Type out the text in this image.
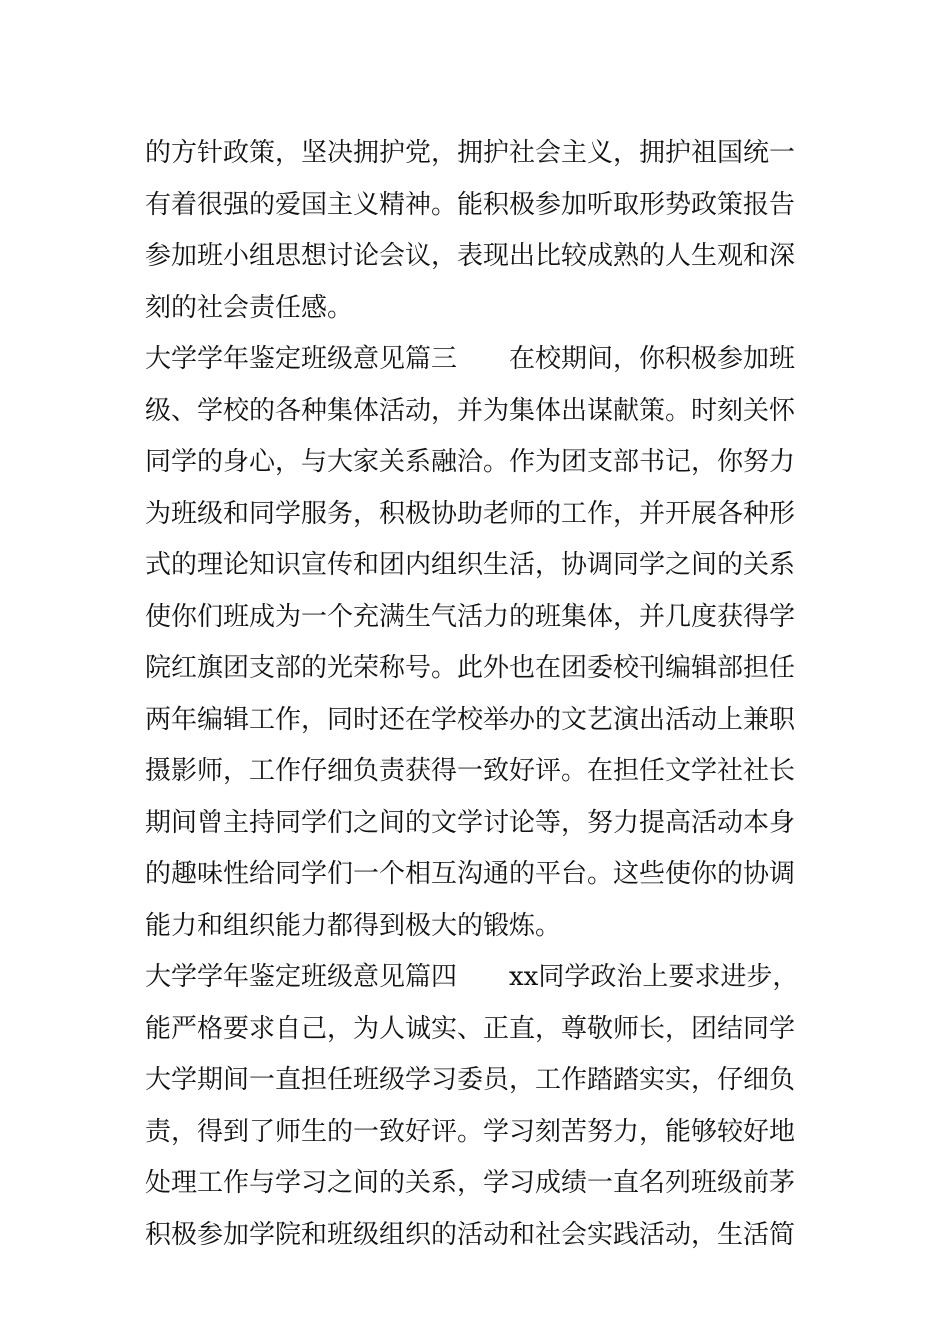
的方针政策，坚决拥护党，拥护社会主义，拥护祖国统一
有着很强的爱国主义精神。能积极参加听取形势政策报告
参加班小组思想讨论会议，表现出比较成熟的人生观和深
刻的社会责任感。
大学学年鉴定班级意见篇三　　在校期间，你积极参加班
级、学校的各种集体活动，并为集体出谋献策。时刻关怀
同学的身心，与大家关系融洽。作为团支部书记，你努力
为班级和同学服务，积极协助老师的工作，并开展各种形
式的理论知识宣传和团内组织生活，协调同学之间的关系
使你们班成为一个充满生气活力的班集体，并几度获得学
院红旗团支部的光荣称号。此外也在团委校刊编辑部担任
两年编辑工作，同时还在学校举办的文艺演出活动上兼职
摄影师，工作仔细负责获得一致好评。在担任文学社社长
期间曾主持同学们之间的文学讨论等，努力提高活动本身
的趣味性给同学们一个相互沟通的平台。这些使你的协调
能力和组织能力都得到极大的锻炼。
大学学年鉴定班级意见篇四　　xx同学政治上要求进步，
能严格要求自己，为人诚实、正直，尊敬师长，团结同学
大学期间一直担任班级学习委员，工作踏踏实实，仔细负
责，得到了师生的一致好评。学习刻苦努力，能够较好地
处理工作与学习之间的关系，学习成绩一直名列班级前茅
积极参加学院和班级组织的活动和社会实践活动，生活简
